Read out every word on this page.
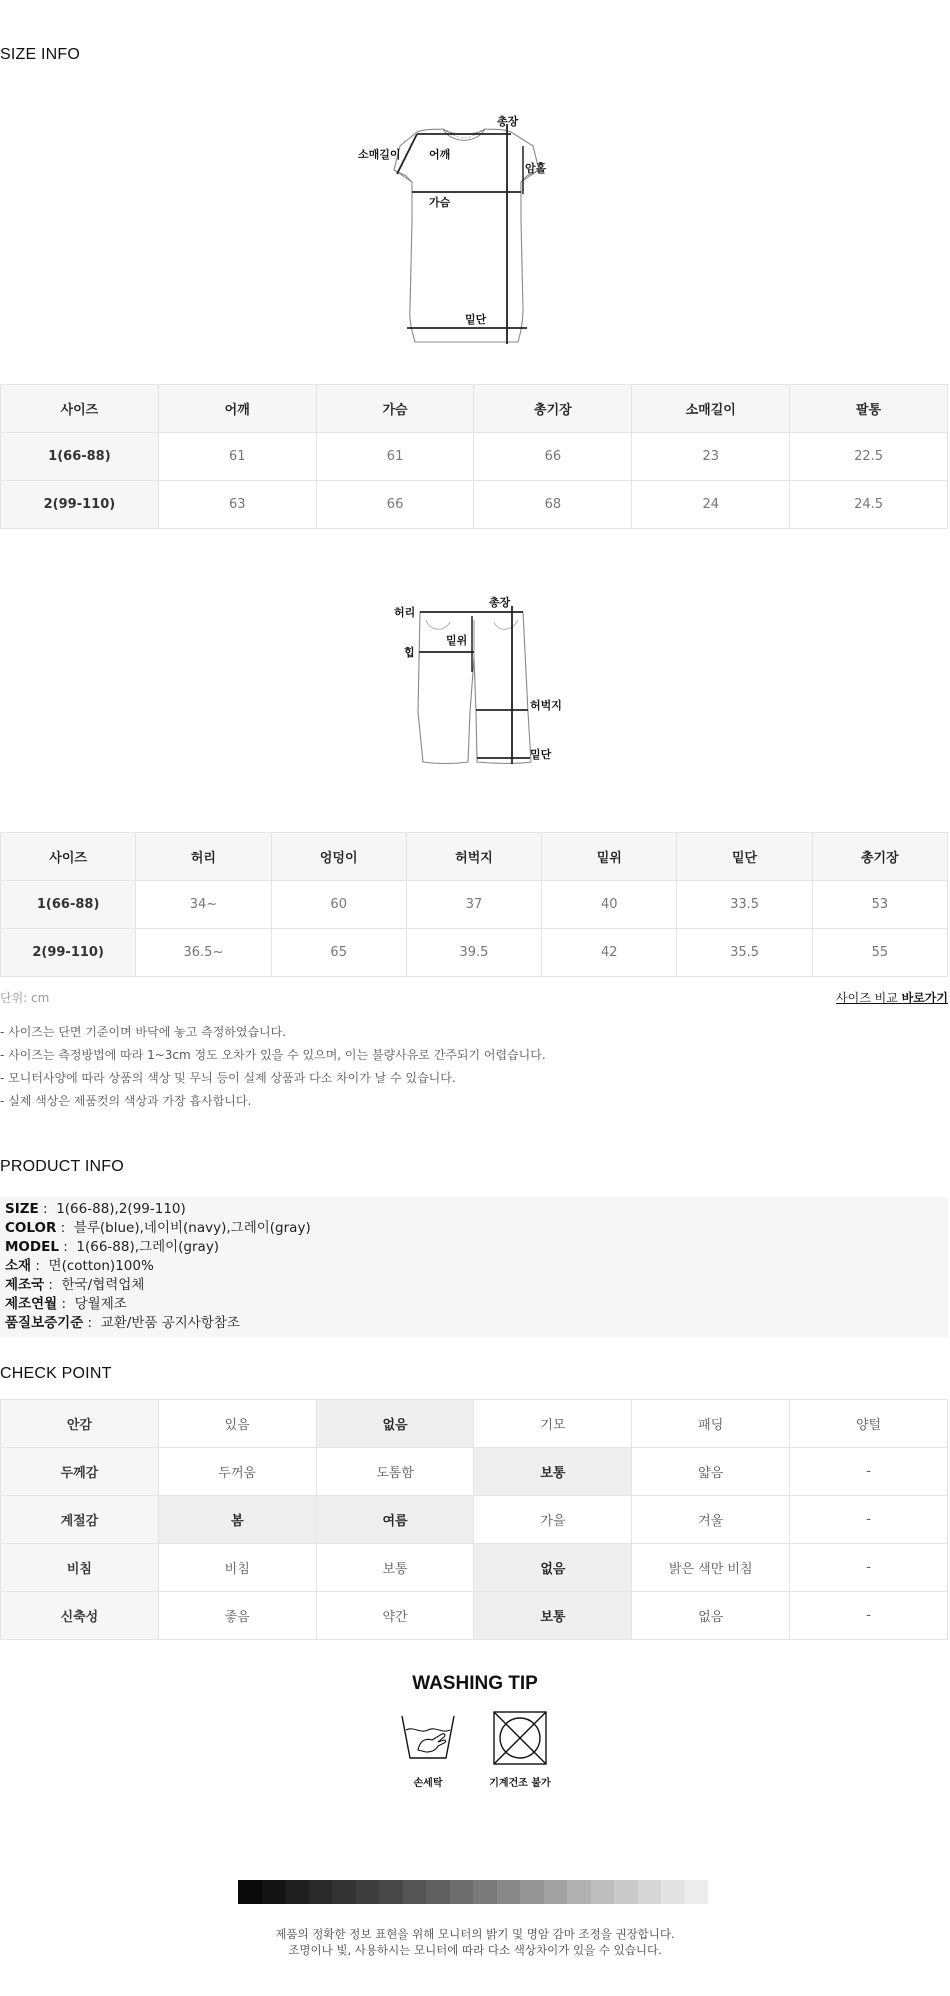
SIZE INFO
총장
소매길이	어깨
암홀
가슴
밑단
사이즈	어깨	가슴	총기장	소매길이	팔통
1(66-88)	61	61	66	23	22.5
2(99-110)	63	66	68	24	24.5
총장
허리
밑위
힙
허벅지
밑단
사이즈	허리	엉덩이	허벅지	밑위	밑단	총기장
1(66-88)	34~	60	37	40	33.5	53
2(99-110)	36.5~	65	39.5	42	35.5	55
단위: cm	사이즈 비교 바로가기
- 사이즈는 단면 기준이며 바닥에 놓고 측정하였습니다.
- 사이즈는 측정방법에 따라 1~3cm 정도 오차가 있을 수 있으며, 이는 불량사유로 간주되기 어렵습니다.
- 모니터사양에 따라 상품의 색상 및 무늬 등이 실제 상품과 다소 차이가 날 수 있습니다.
- 실제 색상은 제품컷의 색상과 가장 흡사합니다.
PRODUCT INFO
SIZE :  1(66-88),2(99-110)
COLOR :  블루(blue),네이비(navy),그레이(gray)
MODEL :  1(66-88),그레이(gray)
소재 :  면(cotton)100%
제조국 :  한국/협력업체
제조연월 :  당월제조
품질보증기준 :  교환/반품 공지사항참조
CHECK POINT
안감	있음	없음	기모	패딩	양털
두께감	두꺼움	도톰함	보통	얇음	-
계절감	봄	여름	가을	겨울	-
비침	비침	보통	없음	밝은 색만 비침	-
신축성	좋음	약간	보통	없음	-
WASHING TIP
손세탁	기계건조 불가
제품의 정확한 정보 표현을 위해 모니터의 밝기 및 명암 감마 조정을 권장합니다.
조명이나 빛, 사용하시는 모니터에 따라 다소 색상차이가 있을 수 있습니다.
